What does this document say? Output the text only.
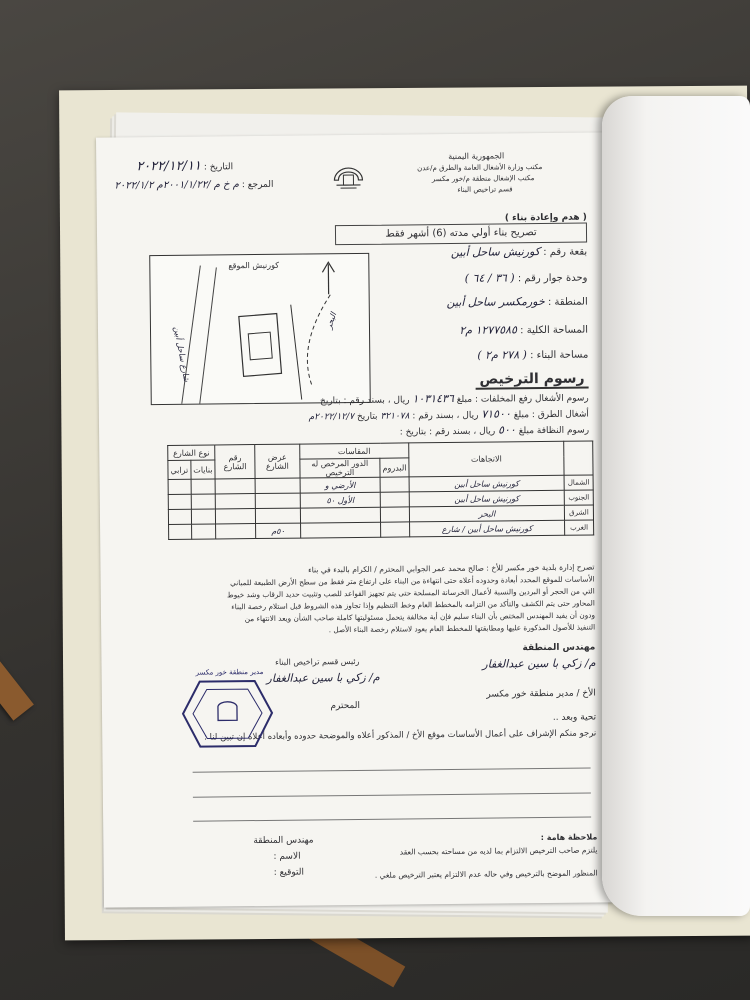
الجمهورية اليمنية
مكتب وزارة الأشغال العامة والطرق م/عدن
مكتب الإشغال منطقة م/خور مكسر
قسم تراخيص البناء
التاريخ : ٢٠٢٢/١٢/١١
المرجع : م خ م /٢٠٠١/١/٢٢م ٢٠٢٢/١/٢
( هدم وإعادة بناء )
تصريح بناء أولي مدته (6) أشهر فقط
بقعة رقم : كورنيش ساحل أبين
وحدة جوار رقم : ( ٣٦ / ٦٤ )
المنطقة : خورمكسر ساحل أبين
المساحة الكلية : ١٢٧٧٥٨٥ م٢
مساحة البناء : ( ٢٧٨ م٢ )
كورنيش الموقع
شارع ساحل أبين
البحر
رسوم الترخيص
رسوم الأشغال رفع المخلفات : مبلغ ١٠٣١٤٣٦ ريال ، بسند رقم : بتاريخ
أشغال الطرق : مبلغ ٧١٥٠٠ ريال ، بسند رقم : ٣٢١٠٧٨ بتاريخ ٢٠٢٢/١٢/٧م
رسوم النظافة مبلغ ٥٠٠ ريال ، بسند رقم : بتاريخ :
	الاتجاهات	المقاسات		عرض الشارع	رقم الشارع	نوع الشارع	
		البدروم	الدور المرخص له الترخيص			بنايات	ترابي
الشمال	كورنيش ساحل أبين		الأرضي و				
الجنوب	كورنيش ساحل أبين		الأول ٥٠				
الشرق	البحر						
الغرب	كورنيش ساحل أبين / شارع			٥٠م			
تصرح إدارة بلدية خور مكسر للأخ : صالح محمد عمر الجوابي المحترم / الكرام بالبدء في بناء
الأساسات للموقع المحدد أبعادة وحدوده أعلاه حتى انتهاءة من البناء على ارتفاع متر فقط من سطح الأرض الطبيعة للمباني
التي من الحجر أو البردين والنسبة لأعمال الخرسانة المسلحة حتى يتم تجهيز القواعد للصب وتثبيت حديد الرقاب وشد خيوط
المحاور حتى يتم الكشف والتأكد من التزامه بالمخطط العام وخط التنظيم وإذا تجاوز هذه الشروط قبل استلام رخصة البناء
ودون أن يفيد المهندس المختص بأن البناء سليم فإن أية مخالفة يتحمل مسئوليتها كاملة صاحب الشأن ويعد الانتهاء من
التنفيذ للأصول المذكورة عليها ومطابقتها للمخطط العام يعود لاستلام رخصة البناء الأصل .
مهندس المنطقة
م/ زكي با سين عبدالغفار
رئيس قسم تراخيص البناء
م/ زكي با سين عبدالغفار
الأخ / مدير منطقة خور مكسر
المحترم
تحية وبعد ..
نرجو منكم الإشراف على أعمال الأساسات موقع الأخ / المذكور أعلاه والموضحة حدوده وأبعاده أعلاه إن تبين لنا :
مدير منطقة خور مكسر
ملاحظة هامة :
يلتزم صاحب الترخيص الالتزام بما لديه من مساحته بحسب العقد
المنظور الموضح بالترخيص وفي حاله عدم الالتزام يعتبر الترخيص ملغي .
مهندس المنطقة
الاسم :
التوقيع :
